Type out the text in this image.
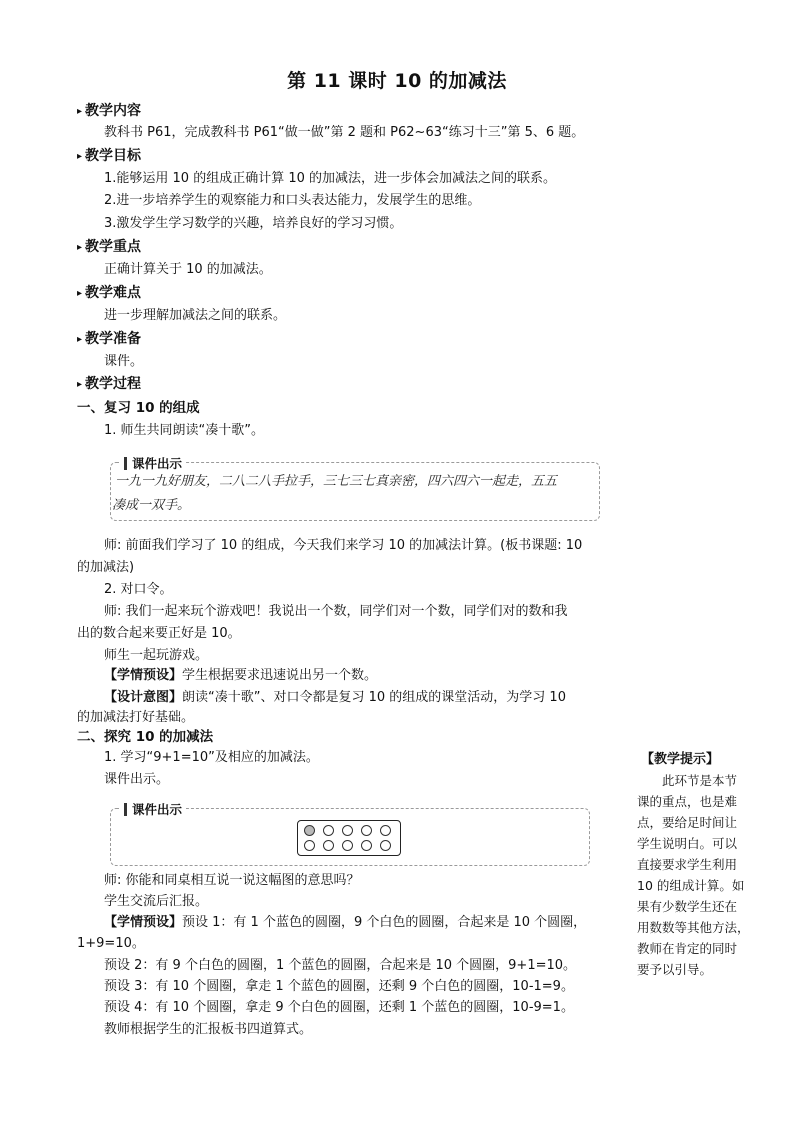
第 11 课时 10 的加减法
▸ 教学内容
教科书 P61，完成教科书 P61“做一做”第 2 题和 P62~63“练习十三”第 5、6 题。
▸ 教学目标
1.能够运用 10 的组成正确计算 10 的加减法，进一步体会加减法之间的联系。
2.进一步培养学生的观察能力和口头表达能力，发展学生的思维。
3.激发学生学习数学的兴趣，培养良好的学习习惯。
▸ 教学重点
正确计算关于 10 的加减法。
▸ 教学难点
进一步理解加减法之间的联系。
▸ 教学准备
课件。
▸ 教学过程
一、复习 10 的组成
1. 师生共同朗读“凑十歌”。
课件出示
一九一九好朋友，二八二八手拉手，三七三七真亲密，四六四六一起走，五五
凑成一双手。
师: 前面我们学习了 10 的组成，今天我们来学习 10 的加减法计算。(板书课题: 10
的加减法)
2. 对口令。
师: 我们一起来玩个游戏吧！我说出一个数，同学们对一个数，同学们对的数和我
出的数合起来要正好是 10。
师生一起玩游戏。
【学情预设】学生根据要求迅速说出另一个数。
【设计意图】朗读“凑十歌”、对口令都是复习 10 的组成的课堂活动，为学习 10
的加减法打好基础。
二、探究 10 的加减法
1. 学习“9+1=10”及相应的加减法。
课件出示。
课件出示
师: 你能和同桌相互说一说这幅图的意思吗？
学生交流后汇报。
【学情预设】预设 1：有 1 个蓝色的圆圈，9 个白色的圆圈，合起来是 10 个圆圈，
1+9=10。
预设 2：有 9 个白色的圆圈，1 个蓝色的圆圈，合起来是 10 个圆圈，9+1=10。
预设 3：有 10 个圆圈，拿走 1 个蓝色的圆圈，还剩 9 个白色的圆圈，10-1=9。
预设 4：有 10 个圆圈，拿走 9 个白色的圆圈，还剩 1 个蓝色的圆圈，10-9=1。
教师根据学生的汇报板书四道算式。
【教学提示】
　　此环节是本节
课的重点，也是难
点，要给足时间让
学生说明白。可以
直接要求学生利用
10 的组成计算。如
果有少数学生还在
用数数等其他方法，
教师在肯定的同时
要予以引导。
